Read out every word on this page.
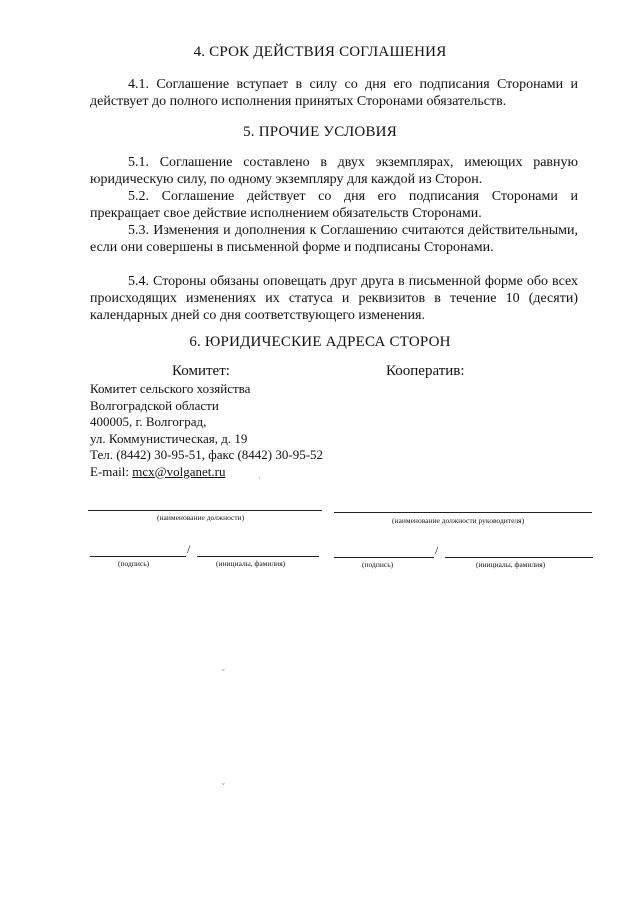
4. СРОК ДЕЙСТВИЯ СОГЛАШЕНИЯ

4.1. Соглашение вступает в силу со дня его подписания Сторонами и действует до полного исполнения принятых Сторонами обязательств.

5. ПРОЧИЕ УСЛОВИЯ

5.1. Соглашение составлено в двух экземплярах, имеющих равную юридическую силу, по одному экземпляру для каждой из Сторон.

5.2. Соглашение действует со дня его подписания Сторонами и прекращает свое действие исполнением обязательств Сторонами.

5.3. Изменения и дополнения к Соглашению считаются действительными, если они совершены в письменной форме и подписаны Сторонами.

5.4. Стороны обязаны оповещать друг друга в письменной форме обо всех происходящих изменениях их статуса и реквизитов в течение 10 (десяти) календарных дней со дня соответствующего изменения.

6. ЮРИДИЧЕСКИЕ АДРЕСА СТОРОН
Комитет:	Кооператив:
Комитет сельского хозяйства
Волгоградской области
400005, г. Волгоград,
ул. Коммунистическая, д. 19
Тел. (8442) 30-95-51, факс (8442) 30-95-52
E-mail: mcx@volganet.ru	·
(наименование должности)
/
(подпись)	(инициалы, фамилия)
(наименование должности руководителя)
/
(подпись)	(инициалы, фамилия)
ˇ
ˇ
